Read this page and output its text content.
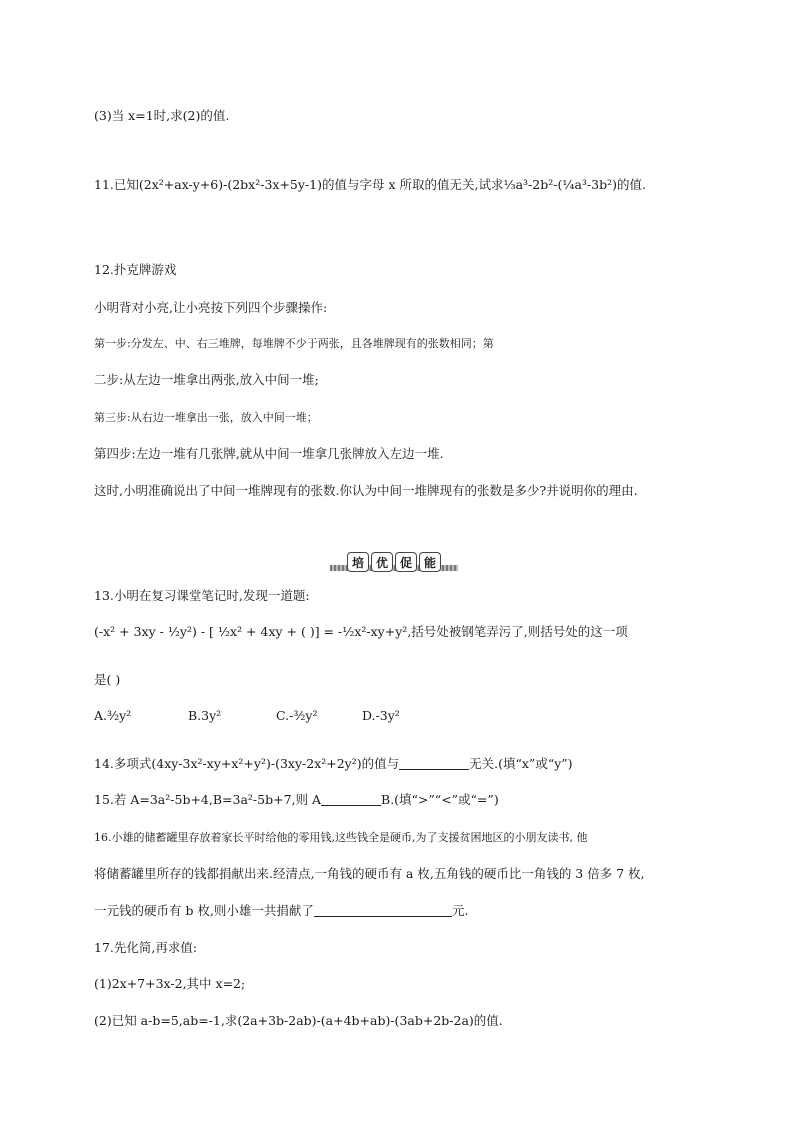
(3)当 x=1时,求(2)的值.
11.已知(2x²+ax-y+6)-(2bx²-3x+5y-1)的值与字母 x 所取的值无关,试求⅓a³-2b²-(¼a³-3b²)的值.
12.扑克牌游戏
小明背对小亮,让小亮按下列四个步骤操作:
第一步:分发左、中、右三堆牌，每堆牌不少于两张，且各堆牌现有的张数相同；第
二步:从左边一堆拿出两张,放入中间一堆;
第三步:从右边一堆拿出一张，放入中间一堆；
第四步:左边一堆有几张牌,就从中间一堆拿几张牌放入左边一堆.
这时,小明准确说出了中间一堆牌现有的张数.你认为中间一堆牌现有的张数是多少?并说明你的理由.
培 优 促 能
13.小明在复习课堂笔记时,发现一道题:
(-x² + 3xy - ½y²) - [ ½x² + 4xy + ( )] = -½x²-xy+y²,括号处被钢笔弄污了,则括号处的这一项
是( )
A.³⁄₂y²	B.3y²	C.-³⁄₂y²	D.-3y²
14.多项式(4xy-3x²-xy+x²+y²)-(3xy-2x²+2y²)的值与	无关.(填“x”或“y”)
15.若 A=3a²-5b+4,B=3a²-5b+7,则 A	B.(填“>”“<”或“=”)
16.小雄的储蓄罐里存放着家长平时给他的零用钱,这些钱全是硬币,为了支援贫困地区的小朋友读书, 他
将储蓄罐里所存的钱都捐献出来.经清点,一角钱的硬币有 a 枚,五角钱的硬币比一角钱的 3 倍多 7 枚,
一元钱的硬币有 b 枚,则小雄一共捐献了	元.
17.先化简,再求值:
(1)2x+7+3x-2,其中 x=2;
(2)已知 a-b=5,ab=-1,求(2a+3b-2ab)-(a+4b+ab)-(3ab+2b-2a)的值.
